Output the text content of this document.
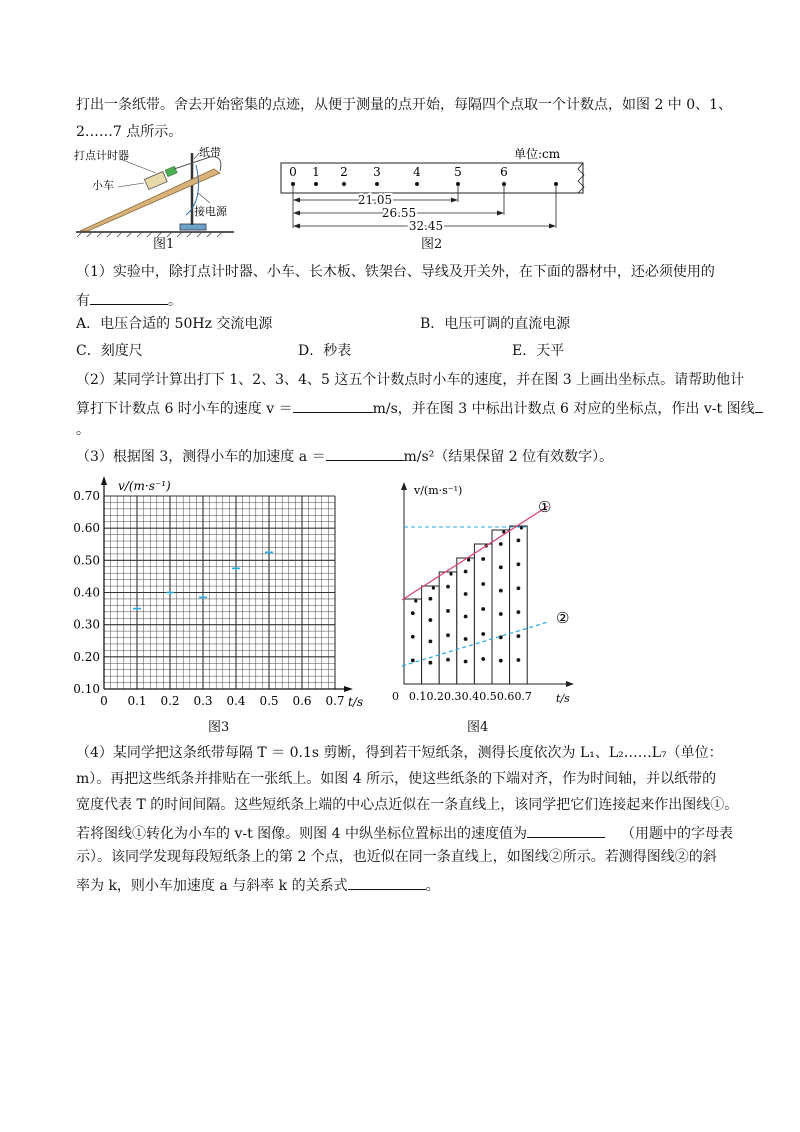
打出一条纸带。舍去开始密集的点迹，从便于测量的点开始，每隔四个点取一个计数点，如图 2 中 0、1、
2……7 点所示。
打点计时器	纸带
小车
接电源
图1
单位:cm
0 1 2 3	4	5	6
21.05
26.55
32.45
图2
（1）实验中，除打点计时器、小车、长木板、铁架台、导线及开关外，在下面的器材中，还必须使用的
有	。
A．电压合适的 50Hz 交流电源	B．电压可调的直流电源
C．刻度尺	D．秒表	E．天平
（2）某同学计算出打下 1、2、3、4、5 这五个计数点时小车的速度，并在图 3 上画出坐标点。请帮助他计
算打下计数点 6 时小车的速度 v ＝	m/s，并在图 3 中标出计数点 6 对应的坐标点，作出 v-t 图线
。
（3）根据图 3，测得小车的加速度 a ＝	m/s²（结果保留 2 位有效数字）。
0.10
0.20
0.30
0.40
0.50
0.60
0.70
0 0.1 0.2 0.3 0.4 0.5 0.6 0.7
v/(m·s⁻¹)
t/s
图3
v/(m·s⁻¹)
t/s
0
①
②
0.1 0.2 0.3 0.4 0.5 0.6 0.7
图4
（4）某同学把这条纸带每隔 T ＝ 0.1s 剪断，得到若干短纸条，测得长度依次为 L₁、L₂……L₇（单位：
m）。再把这些纸条并排贴在一张纸上。如图 4 所示，使这些纸条的下端对齐，作为时间轴，并以纸带的
宽度代表 T 的时间间隔。这些短纸条上端的中心点近似在一条直线上，该同学把它们连接起来作出图线①。
若将图线①转化为小车的 v-t 图像。则图 4 中纵坐标位置标出的速度值为	（用题中的字母表
示）。该同学发现每段短纸条上的第 2 个点，也近似在同一条直线上，如图线②所示。若测得图线②的斜
率为 k，则小车加速度 a 与斜率 k 的关系式	。
